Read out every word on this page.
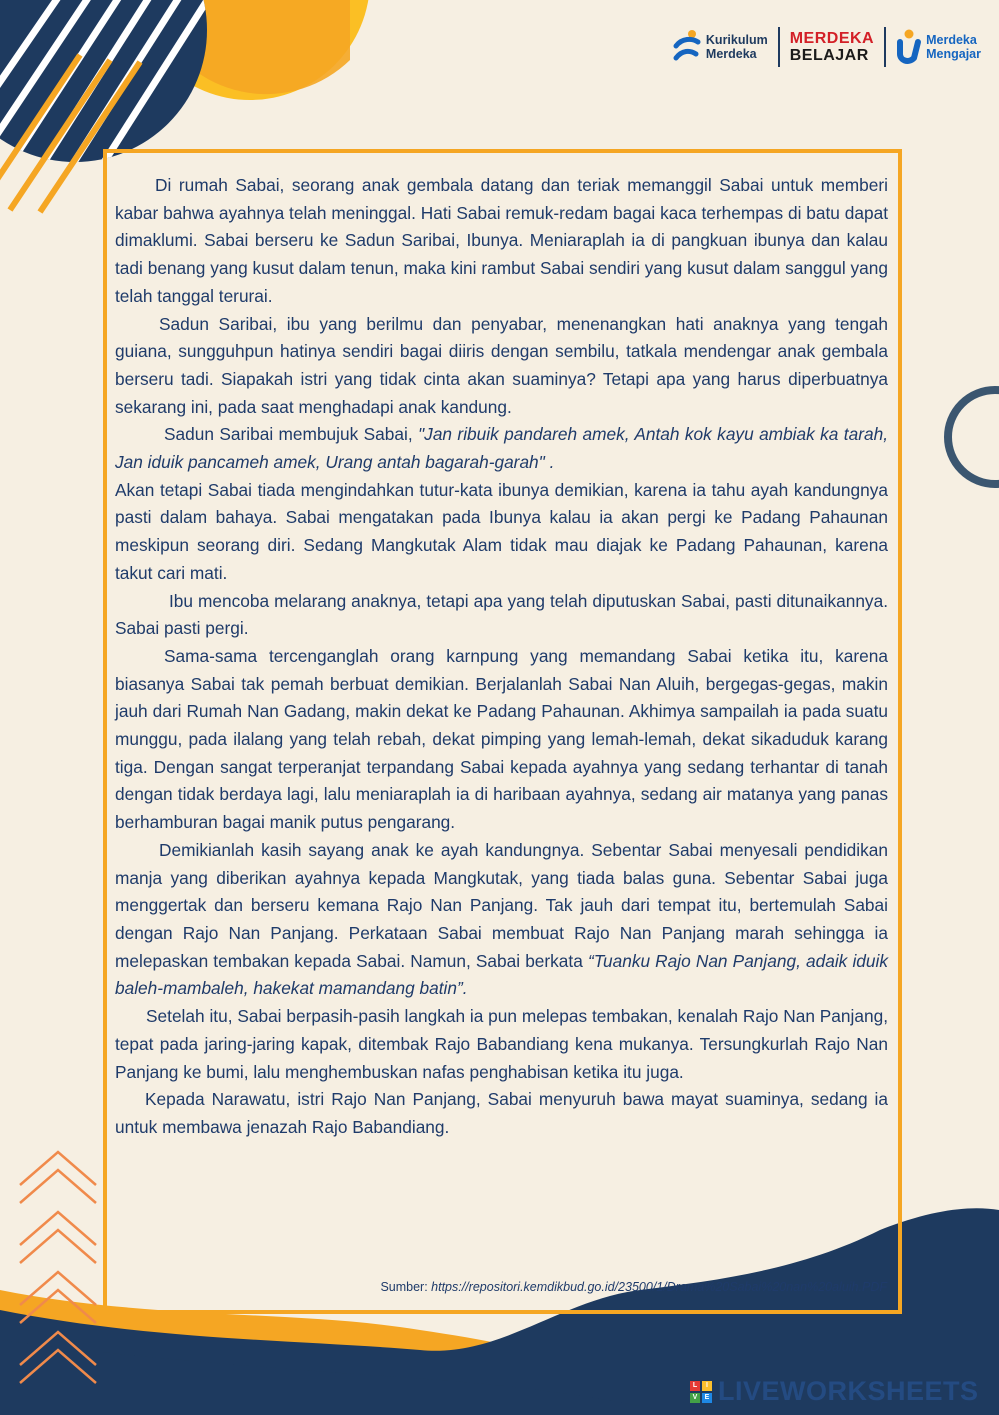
Kurikulum
Merdeka
MERDEKA
BELAJAR
Merdeka
Mengajar

Di rumah Sabai, seorang anak gembala datang dan teriak memanggil Sabai untuk memberi kabar bahwa ayahnya telah meninggal. Hati Sabai remuk-redam bagai kaca terhempas di batu dapat dimaklumi. Sabai berseru ke Sadun Saribai, Ibunya. Meniaraplah ia di pangkuan ibunya dan kalau tadi benang yang kusut dalam tenun, maka kini rambut Sabai sendiri yang kusut dalam sanggul yang telah tanggal terurai.

Sadun Saribai, ibu yang berilmu dan penyabar, menenangkan hati anaknya yang tengah guiana, sungguhpun hatinya sendiri bagai diiris dengan sembilu, tatkala mendengar anak gembala berseru tadi. Siapakah istri yang tidak cinta akan suaminya? Tetapi apa yang harus diperbuatnya sekarang ini, pada saat menghadapi anak kandung.

Sadun Saribai membujuk Sabai, "Jan ribuik pandareh amek, Antah kok kayu ambiak ka tarah, Jan iduik pancameh amek, Urang antah bagarah-garah" .

Akan tetapi Sabai tiada mengindahkan tutur-kata ibunya demikian, karena ia tahu ayah kandungnya pasti dalam bahaya. Sabai mengatakan pada Ibunya kalau ia akan pergi ke Padang Pahaunan meskipun seorang diri. Sedang Mangkutak Alam tidak mau diajak ke Padang Pahaunan, karena takut cari mati.

Ibu mencoba melarang anaknya, tetapi apa yang telah diputuskan Sabai, pasti ditunaikannya. Sabai pasti pergi.

Sama-sama tercenganglah orang karnpung yang memandang Sabai ketika itu, karena biasanya Sabai tak pemah berbuat demikian. Berjalanlah Sabai Nan Aluih, bergegas-gegas, makin jauh dari Rumah Nan Gadang, makin dekat ke Padang Pahaunan. Akhimya sampailah ia pada suatu munggu, pada ilalang yang telah rebah, dekat pimping yang lemah-lemah, dekat sikaduduk karang tiga. Dengan sangat terperanjat terpandang Sabai kepada ayahnya yang sedang terhantar di tanah dengan tidak berdaya lagi, lalu meniaraplah ia di haribaan ayahnya, sedang air matanya yang panas berhamburan bagai manik putus pengarang.

Demikianlah kasih sayang anak ke ayah kandungnya. Sebentar Sabai menyesali pendidikan manja yang diberikan ayahnya kepada Mangkutak, yang tiada balas guna. Sebentar Sabai juga menggertak dan berseru kemana Rajo Nan Panjang. Tak jauh dari tempat itu, bertemulah Sabai dengan Rajo Nan Panjang. Perkataan Sabai membuat Rajo Nan Panjang marah sehingga ia melepaskan tembakan kepada Sabai. Namun, Sabai berkata “Tuanku Rajo Nan Panjang, adaik iduik baleh-mambaleh, hakekat mamandang batin”.

Setelah itu, Sabai berpasih-pasih langkah ia pun melepas tembakan, kenalah Rajo Nan Panjang, tepat pada jaring-jaring kapak, ditembak Rajo Babandiang kena mukanya. Tersungkurlah Rajo Nan Panjang ke bumi, lalu menghembuskan nafas penghabisan ketika itu juga.

Kepada Narawatu, istri Rajo Nan Panjang, Sabai menyuruh bawa mayat suaminya, sedang ia untuk membawa jenazah Rajo Babandiang.

Sumber: https://repositori.kemdikbud.go.id/23500/1/Drama%20Sabai%20nan%20aluih.PDF
L	I
V	E LIVEWORKSHEETS
